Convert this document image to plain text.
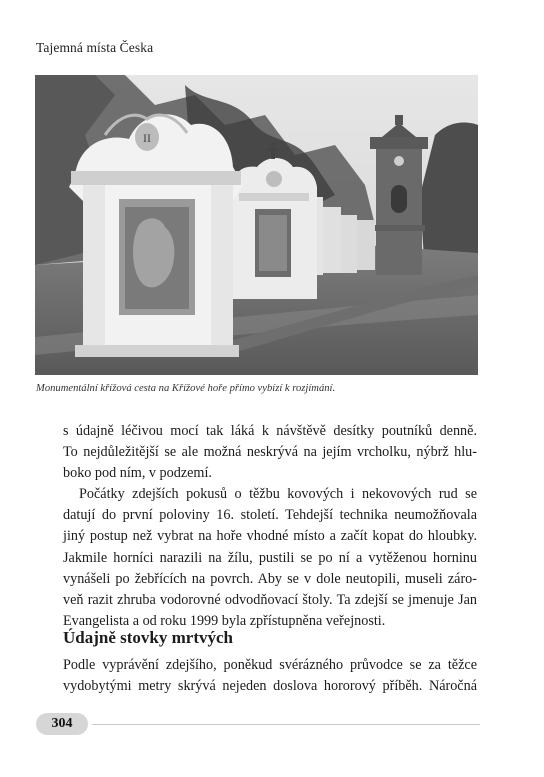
Tajemná místa Česka
II
Monumentální křížová cesta na Křížové hoře přímo vybízí k rozjímání.
s údajně léčivou mocí tak láká k návštěvě desítky poutníků denně.
To nejdůležitější se ale možná neskrývá na jejím vrcholku, nýbrž hlu-
boko pod ním, v podzemí.
Počátky zdejších pokusů o těžbu kovových i nekovových rud se
datují do první poloviny 16. století. Tehdejší technika neumožňovala
jiný postup než vybrat na hoře vhodné místo a začít kopat do hloubky.
Jakmile horníci narazili na žílu, pustili se po ní a vytěženou horninu
vynášeli po žebřících na povrch. Aby se v dole neutopili, museli záro-
veň razit zhruba vodorovné odvodňovací štoly. Ta zdejší se jmenuje Jan
Evangelista a od roku 1999 byla zpřístupněna veřejnosti.
Údajně stovky mrtvých
Podle vyprávění zdejšího, poněkud svérázného průvodce se za těžce
vydobytými metry skrývá nejeden doslova hororový příběh. Náročná
304
